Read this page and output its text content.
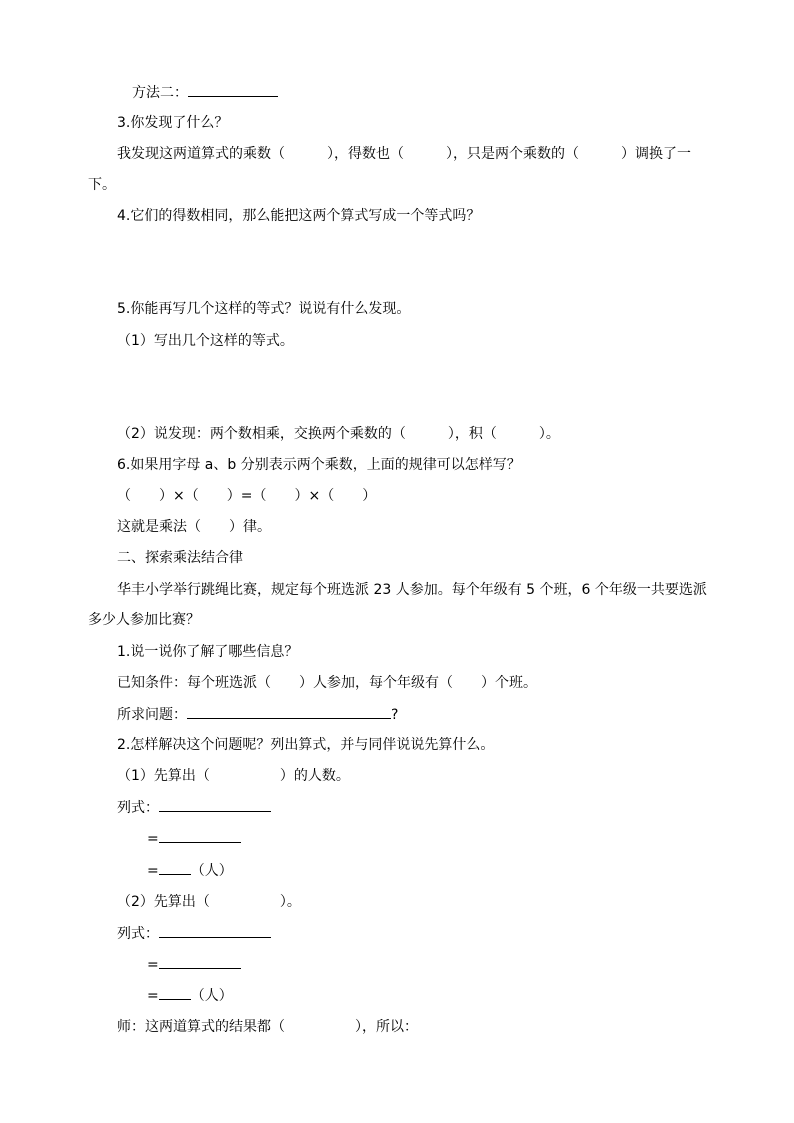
方法二：
3.你发现了什么？
我发现这两道算式的乘数（　　　），得数也（　　　），只是两个乘数的（　　　）调换了一
下。
4.它们的得数相同，那么能把这两个算式写成一个等式吗？
5.你能再写几个这样的等式？说说有什么发现。
（1）写出几个这样的等式。
（2）说发现：两个数相乘，交换两个乘数的（　　　），积（　　　）。
6.如果用字母 a、b 分别表示两个乘数，上面的规律可以怎样写？
（　　）×（　　）=（　　）×（　　）
这就是乘法（　　）律。
二、探索乘法结合律
华丰小学举行跳绳比赛，规定每个班选派 23 人参加。每个年级有 5 个班，6 个年级一共要选派
多少人参加比赛？
1.说一说你了解了哪些信息？
已知条件：每个班选派（　　）人参加，每个年级有（　　）个班。
所求问题：	?
2.怎样解决这个问题呢？列出算式，并与同伴说说先算什么。
（1）先算出（　　　　　）的人数。
列式：
=
= （人）
（2）先算出（　　　　　）。
列式：
=
= （人）
师：这两道算式的结果都（　　　　　），所以：
